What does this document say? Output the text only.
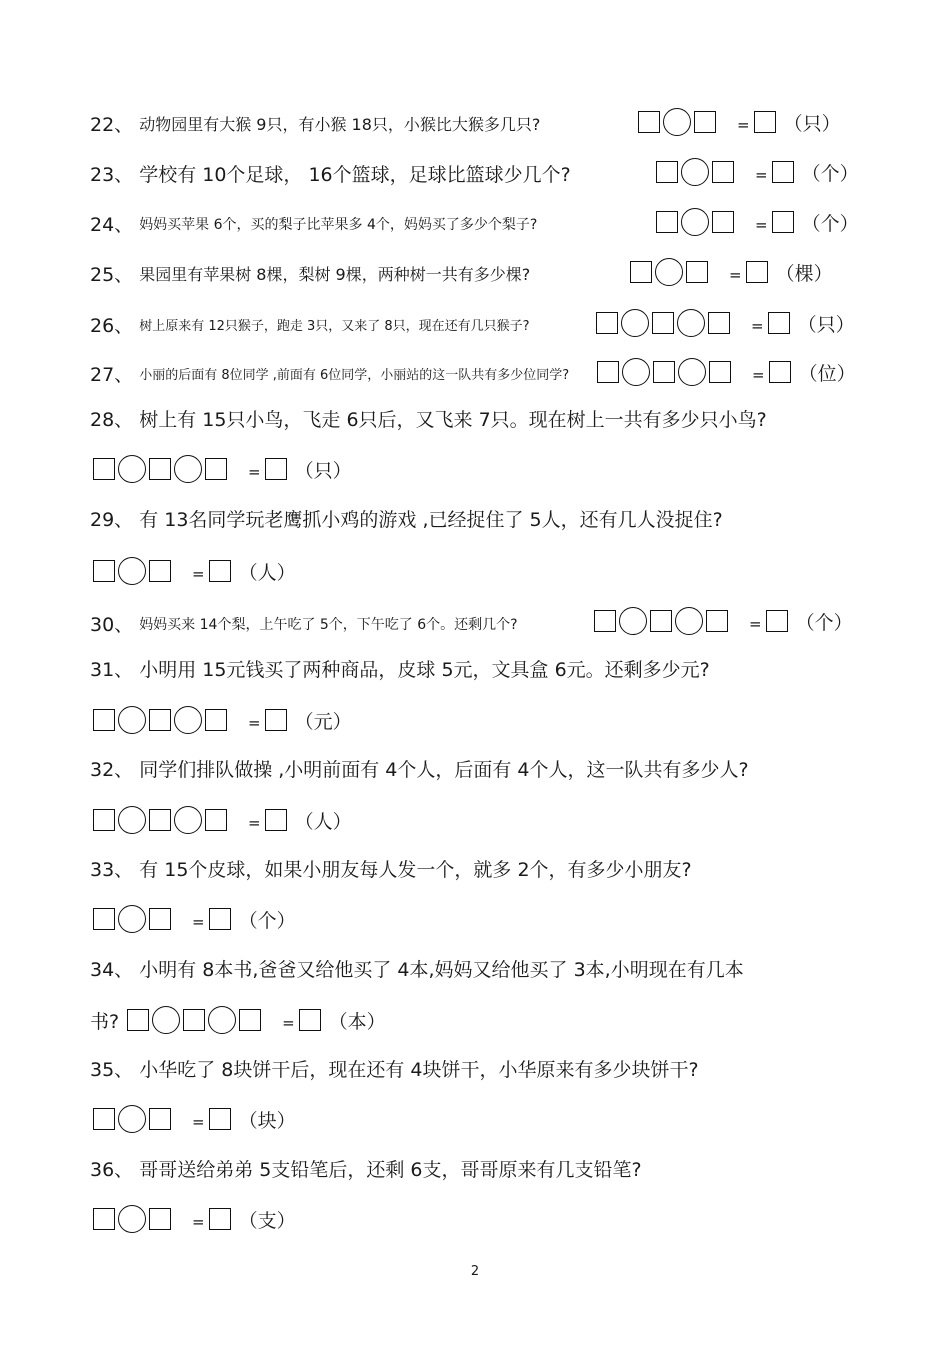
22、 动物园里有大猴 9只，有小猴 18只，小猴比大猴多几只?	= （只）
23、 学校有 10个足球， 16个篮球，足球比篮球少几个?	= （个）
24、 妈妈买苹果 6个，买的梨子比苹果多 4个，妈妈买了多少个梨子?	= （个）
25、 果园里有苹果树 8棵，梨树 9棵，两种树一共有多少棵?	= （棵）
26、 树上原来有 12只猴子，跑走 3只，又来了 8只，现在还有几只猴子?	= （只）
27、 小丽的后面有 8位同学 ,前面有 6位同学，小丽站的这一队共有多少位同学?	= （位）
28、 树上有 15只小鸟，飞走 6只后，又飞来 7只。现在树上一共有多少只小鸟?
= （只）
29、 有 13名同学玩老鹰抓小鸡的游戏 ,已经捉住了 5人，还有几人没捉住?
= （人）
30、 妈妈买来 14个梨，上午吃了 5个，下午吃了 6个。还剩几个?	= （个）
31、 小明用 15元钱买了两种商品，皮球 5元，文具盒 6元。还剩多少元?
= （元）
32、 同学们排队做操 ,小明前面有 4个人，后面有 4个人，这一队共有多少人?
= （人）
33、 有 15个皮球，如果小朋友每人发一个，就多 2个，有多少小朋友?
= （个）
34、 小明有 8本书,爸爸又给他买了 4本,妈妈又给他买了 3本,小明现在有几本
书?	= （本）
35、 小华吃了 8块饼干后，现在还有 4块饼干，小华原来有多少块饼干?
= （块）
36、 哥哥送给弟弟 5支铅笔后，还剩 6支，哥哥原来有几支铅笔?
= （支）
2
